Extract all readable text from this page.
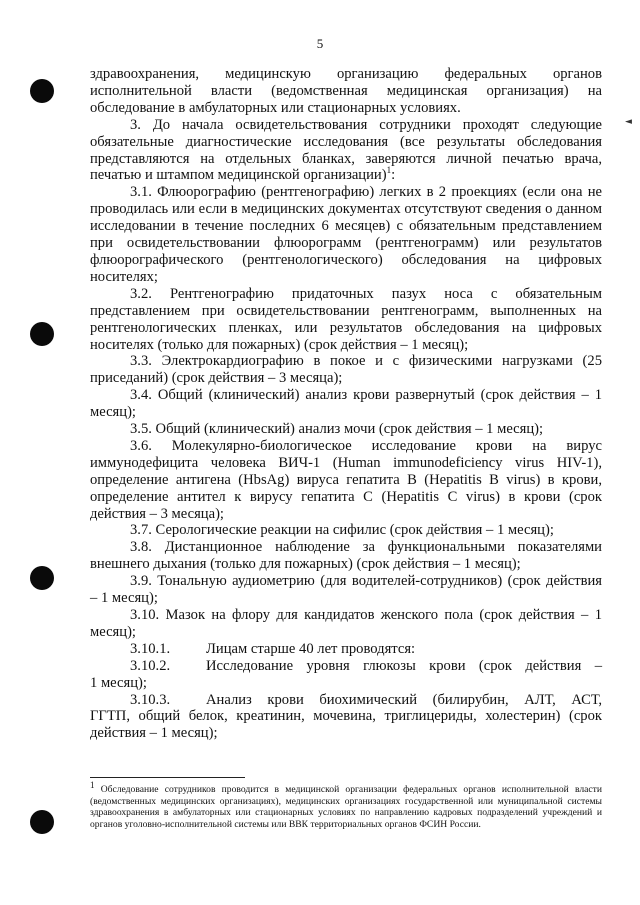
5
◄

здравоохранения, медицинскую организацию федеральных органов исполнительной власти (ведомственная медицинская организация) на обследование в амбулаторных или стационарных условиях.

3. До начала освидетельствования сотрудники проходят следующие обязательные диагностические исследования (все результаты обследования представляются на отдельных бланках, заверяются личной печатью врача, печатью и штампом медицинской организации)$^1$:

3.1. Флюорографию (рентгенографию) легких в 2 проекциях (если она не проводилась или если в медицинских документах отсутствуют сведения о данном исследовании в течение последних 6 месяцев) с обязательным представлением при освидетельствовании флюорограмм (рентгенограмм) или результатов флюорографического (рентгенологического) обследования на цифровых носителях;

3.2. Рентгенографию придаточных пазух носа с обязательным представлением при освидетельствовании рентгенограмм, выполненных на рентгенологических пленках, или результатов обследования на цифровых носителях (только для пожарных) (срок действия – 1 месяц);

3.3. Электрокардиографию в покое и с физическими нагрузками (25 приседаний) (срок действия – 3 месяца);

3.4. Общий (клинический) анализ крови развернутый (срок действия – 1 месяц);

3.5. Общий (клинический) анализ мочи (срок действия – 1 месяц);

3.6. Молекулярно-биологическое исследование крови на вирус иммунодефицита человека ВИЧ-1 (Human immunodeficiency virus HIV-1), определение антигена (HbsAg) вируса гепатита B (Hepatitis B virus) в крови, определение антител к вирусу гепатита C (Hepatitis C virus) в крови (срок действия – 3 месяца);

3.7. Серологические реакции на сифилис (срок действия – 1 месяц);

3.8. Дистанционное наблюдение за функциональными показателями внешнего дыхания (только для пожарных) (срок действия – 1 месяц);

3.9. Тональную аудиометрию (для водителей-сотрудников) (срок действия – 1 месяц);

3.10. Мазок на флору для кандидатов женского пола (срок действия – 1 месяц);

3.10.1.	Лицам старше 40 лет проводятся:
3.10.2.	Исследование уровня глюкозы крови (срок действия –

1 месяц);

3.10.3.	Анализ крови биохимический (билирубин, АЛТ, АСТ,

ГГТП, общий белок, креатинин, мочевина, триглицериды, холестерин) (срок действия – 1 месяц);

$^1$ Обследование сотрудников проводится в медицинской организации федеральных органов исполнительной власти (ведомственных медицинских организациях), медицинских организациях государственной или муниципальной системы здравоохранения в амбулаторных или стационарных условиях по направлению кадровых подразделений учреждений и органов уголовно-исполнительной системы или ВВК территориальных органов ФСИН России.
